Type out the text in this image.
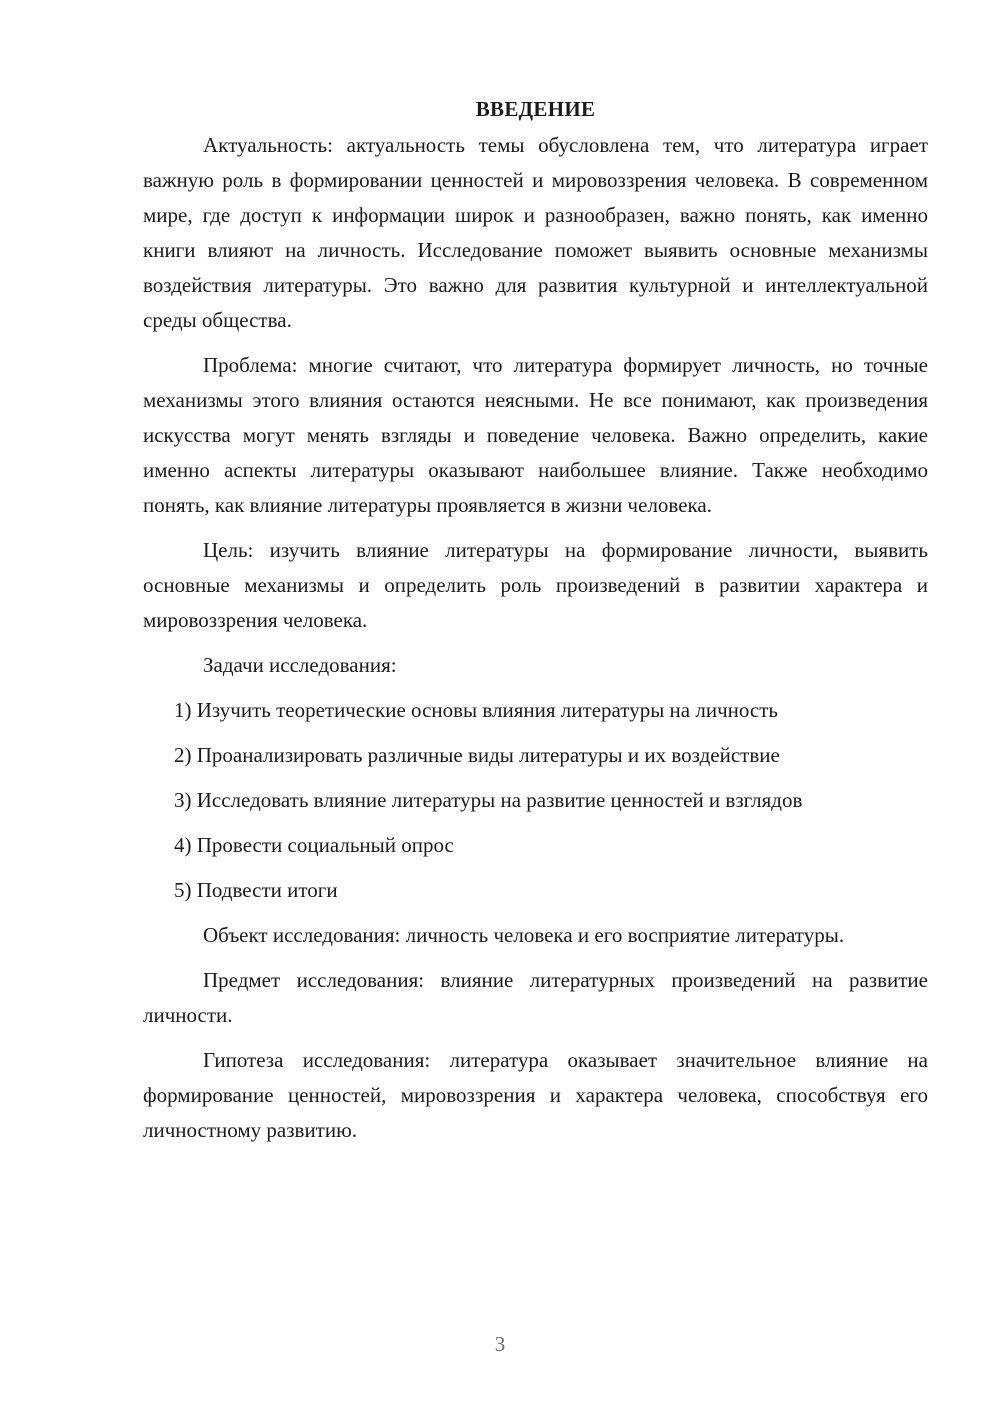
ВВЕДЕНИЕ

Актуальность: актуальность темы обусловлена тем, что литература играет важную роль в формировании ценностей и мировоззрения человека. В современном мире, где доступ к информации широк и разнообразен, важно понять, как именно книги влияют на личность. Исследование поможет выявить основные механизмы воздействия литературы. Это важно для развития культурной и интеллектуальной среды общества.

Проблема: многие считают, что литература формирует личность, но точные механизмы этого влияния остаются неясными. Не все понимают, как произведения искусства могут менять взгляды и поведение человека. Важно определить, какие именно аспекты литературы оказывают наибольшее влияние. Также необходимо понять, как влияние литературы проявляется в жизни человека.

Цель: изучить влияние литературы на формирование личности, выявить основные механизмы и определить роль произведений в развитии характера и мировоззрения человека.

Задачи исследования:
1) Изучить теоретические основы влияния литературы на личность
2) Проанализировать различные виды литературы и их воздействие
3) Исследовать влияние литературы на развитие ценностей и взглядов
4) Провести социальный опрос
5) Подвести итоги

Объект исследования: личность человека и его восприятие литературы.

Предмет исследования: влияние литературных произведений на развитие личности.

Гипотеза исследования: литература оказывает значительное влияние на формирование ценностей, мировоззрения и характера человека, способствуя его личностному развитию.

3
